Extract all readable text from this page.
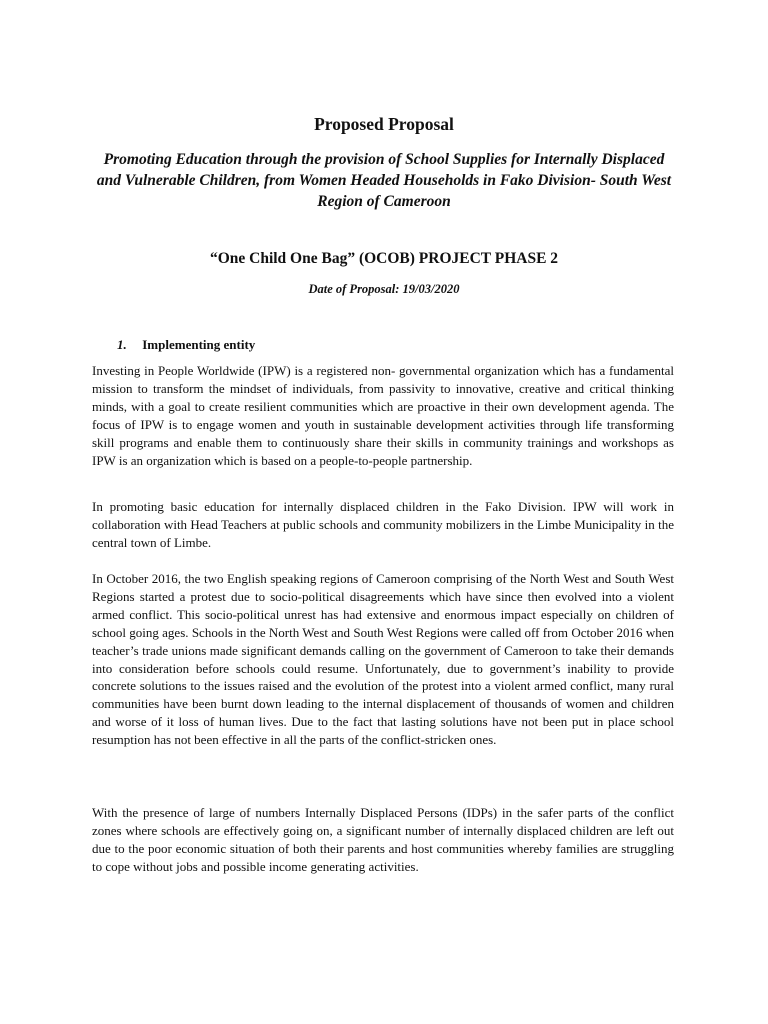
Proposed Proposal

Promoting Education through the provision of School Supplies for Internally Displaced and Vulnerable Children, from Women Headed Households in Fako Division- South West Region of Cameroon

“One Child One Bag” (OCOB) PROJECT PHASE 2

Date of Proposal: 19/03/2020

1. Implementing entity

Investing in People Worldwide (IPW) is a registered non- governmental organization which has a fundamental mission to transform the mindset of individuals, from passivity to innovative, creative and critical thinking minds, with a goal to create resilient communities which are proactive in their own development agenda. The focus of IPW is to engage women and youth in sustainable development activities through life transforming skill programs and enable them to continuously share their skills in community trainings and workshops as IPW is an organization which is based on a people-to-people partnership.

In promoting basic education for internally displaced children in the Fako Division. IPW will work in collaboration with Head Teachers at public schools and community mobilizers in the Limbe Municipality in the central town of Limbe.

In October 2016, the two English speaking regions of Cameroon comprising of the North West and South West Regions started a protest due to socio-political disagreements which have since then evolved into a violent armed conflict. This socio-political unrest has had extensive and enormous impact especially on children of school going ages. Schools in the North West and South West Regions were called off from October 2016 when teacher’s trade unions made significant demands calling on the government of Cameroon to take their demands into consideration before schools could resume. Unfortunately, due to government’s inability to provide concrete solutions to the issues raised and the evolution of the protest into a violent armed conflict, many rural communities have been burnt down leading to the internal displacement of thousands of women and children and worse of it loss of human lives. Due to the fact that lasting solutions have not been put in place school resumption has not been effective in all the parts of the conflict-stricken ones.

With the presence of large of numbers Internally Displaced Persons (IDPs) in the safer parts of the conflict zones where schools are effectively going on, a significant number of internally displaced children are left out due to the poor economic situation of both their parents and host communities whereby families are struggling to cope without jobs and possible income generating activities.
